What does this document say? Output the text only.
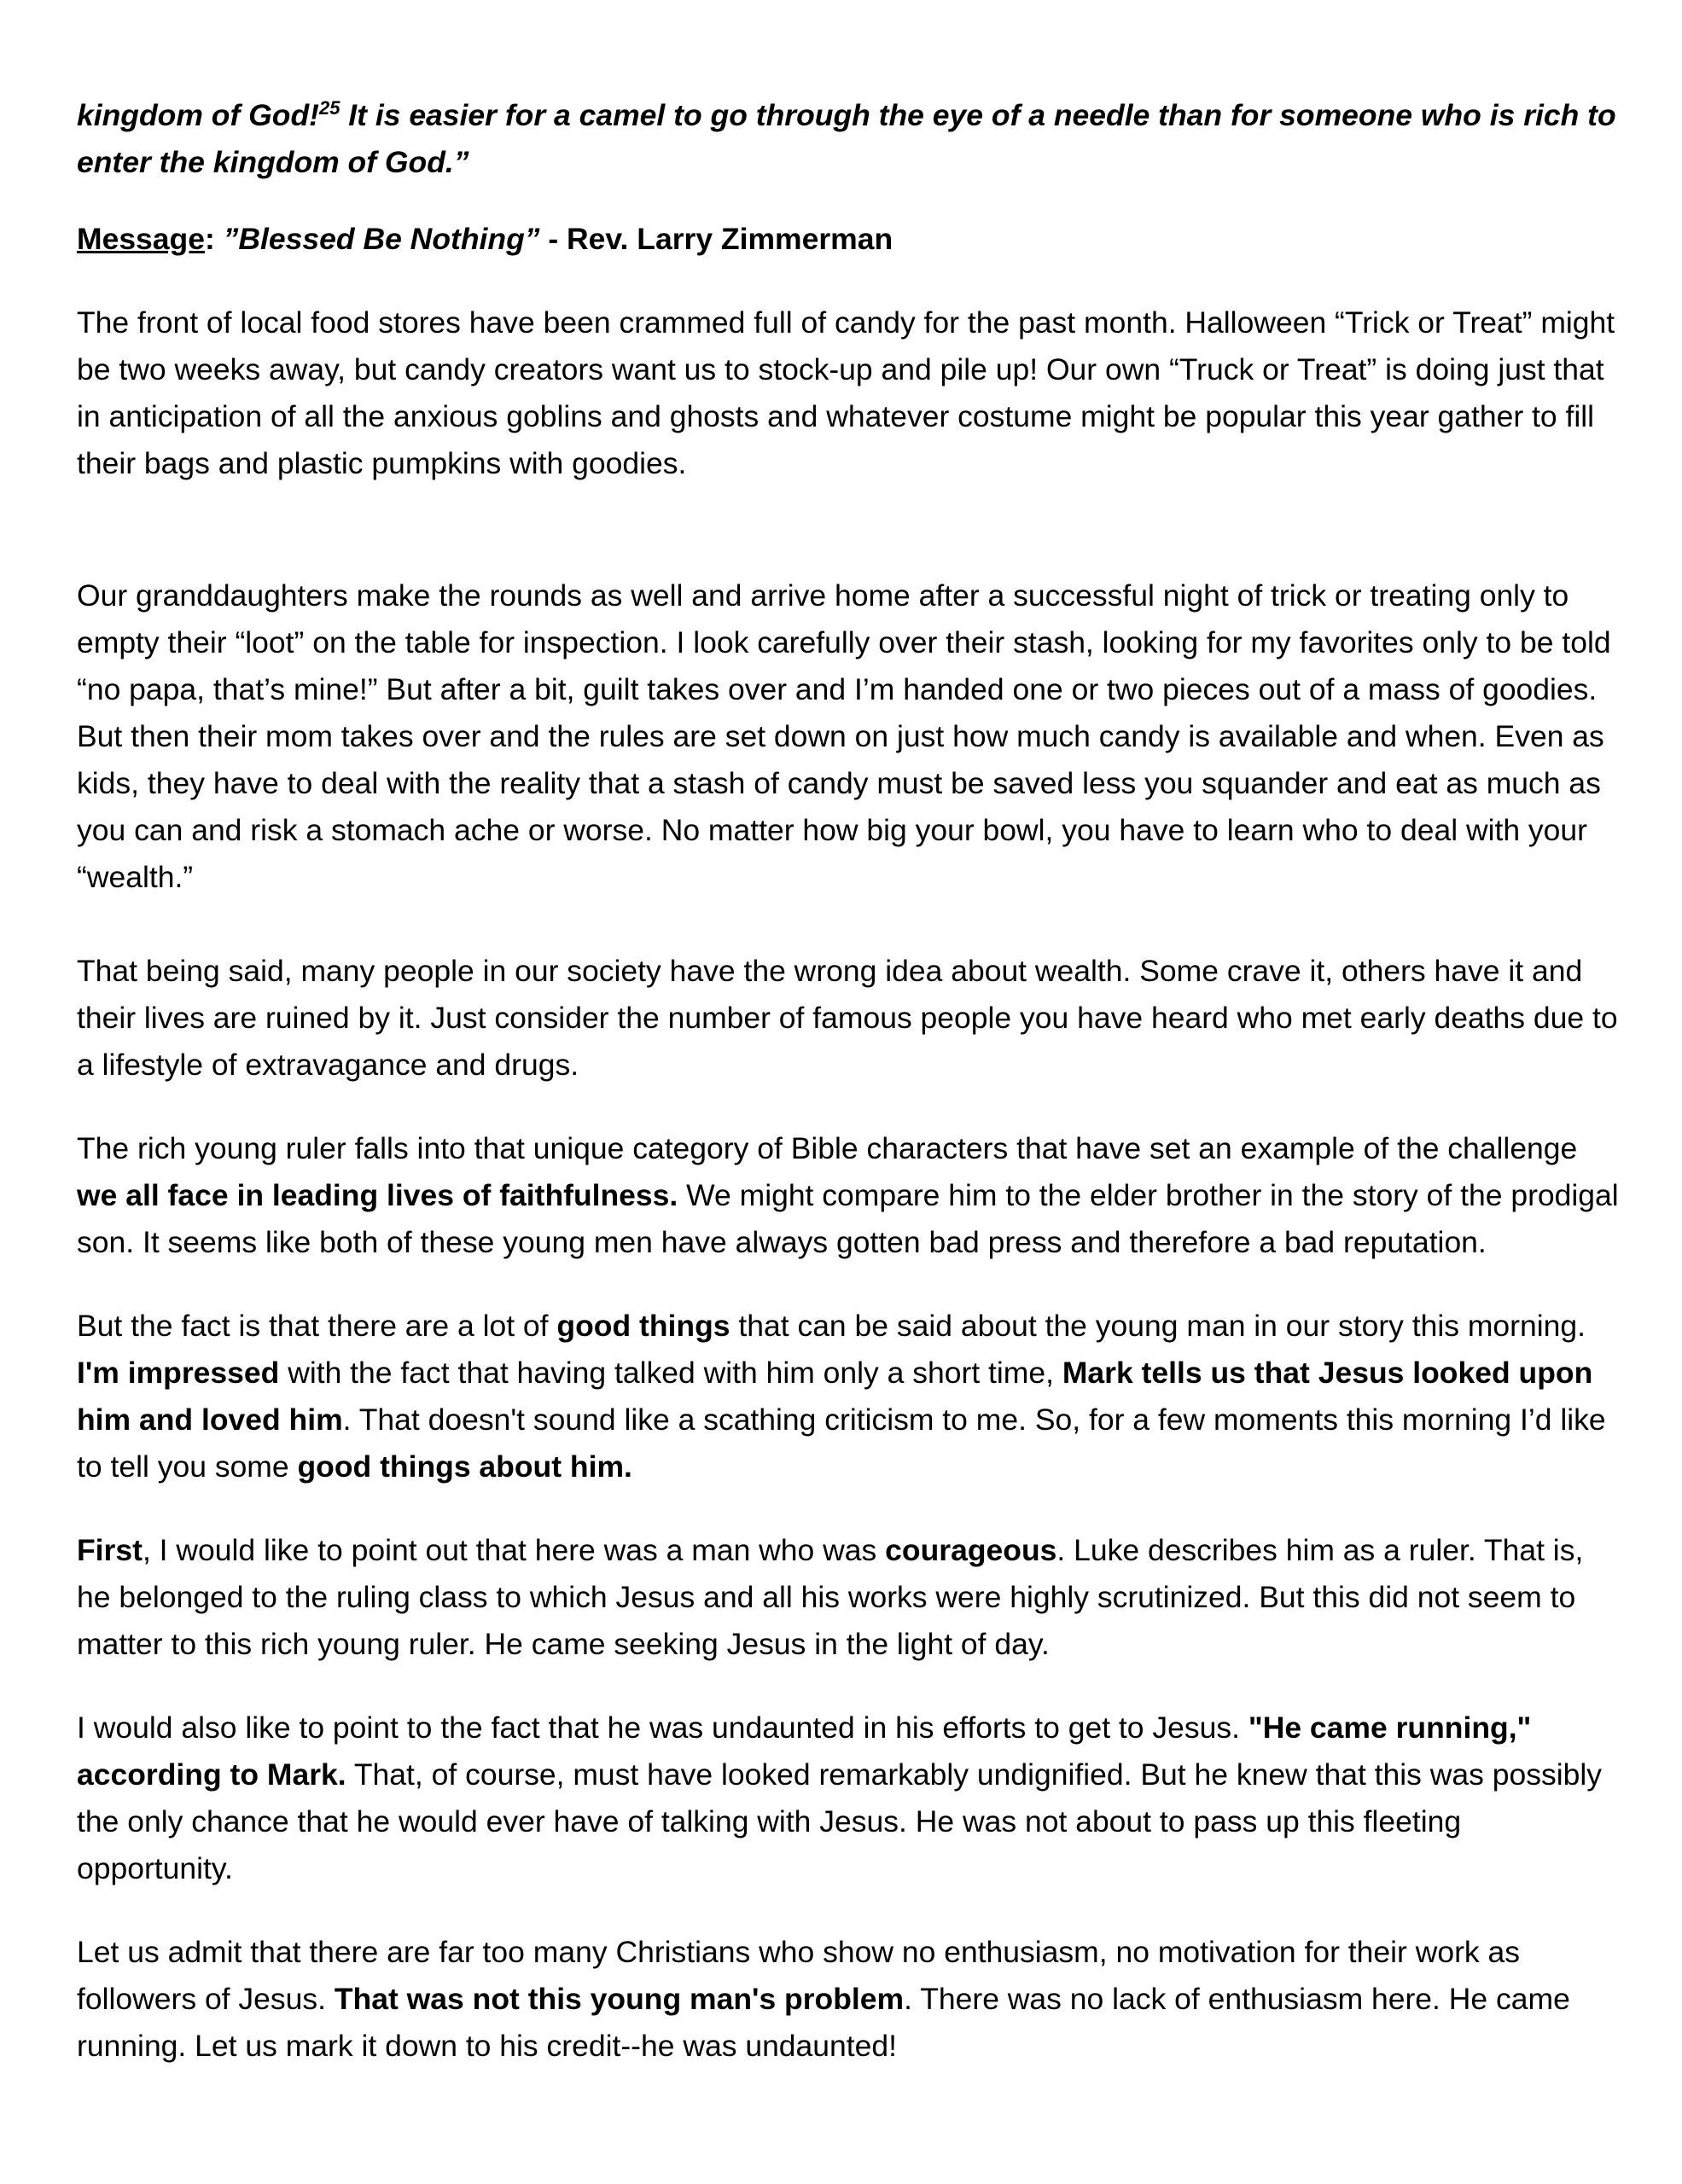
kingdom of God!$^{25}$ It is easier for a camel to go through the eye of a needle than for someone who is rich to enter the kingdom of God.”

Message: ”Blessed Be Nothing” - Rev. Larry Zimmerman

The front of local food stores have been crammed full of candy for the past month. Halloween “Trick or Treat” might be two weeks away, but candy creators want us to stock-up and pile up! Our own “Truck or Treat” is doing just that in anticipation of all the anxious goblins and ghosts and whatever costume might be popular this year gather to fill their bags and plastic pumpkins with goodies.

Our granddaughters make the rounds as well and arrive home after a successful night of trick or treating only to empty their “loot” on the table for inspection. I look carefully over their stash, looking for my favorites only to be told “no papa, that’s mine!” But after a bit, guilt takes over and I’m handed one or two pieces out of a mass of goodies. But then their mom takes over and the rules are set down on just how much candy is available and when. Even as kids, they have to deal with the reality that a stash of candy must be saved less you squander and eat as much as you can and risk a stomach ache or worse. No matter how big your bowl, you have to learn who to deal with your “wealth.”

That being said, many people in our society have the wrong idea about wealth. Some crave it, others have it and their lives are ruined by it. Just consider the number of famous people you have heard who met early deaths due to a lifestyle of extravagance and drugs.

The rich young ruler falls into that unique category of Bible characters that have set an example of the challenge we all face in leading lives of faithfulness. We might compare him to the elder brother in the story of the prodigal son. It seems like both of these young men have always gotten bad press and therefore a bad reputation.

But the fact is that there are a lot of good things that can be said about the young man in our story this morning. I'm impressed with the fact that having talked with him only a short time, Mark tells us that Jesus looked upon him and loved him. That doesn't sound like a scathing criticism to me. So, for a few moments this morning I’d like to tell you some good things about him.

First, I would like to point out that here was a man who was courageous. Luke describes him as a ruler. That is, he belonged to the ruling class to which Jesus and all his works were highly scrutinized. But this did not seem to matter to this rich young ruler. He came seeking Jesus in the light of day.

I would also like to point to the fact that he was undaunted in his efforts to get to Jesus. "He came running," according to Mark. That, of course, must have looked remarkably undignified. But he knew that this was possibly the only chance that he would ever have of talking with Jesus. He was not about to pass up this fleeting opportunity.

Let us admit that there are far too many Christians who show no enthusiasm, no motivation for their work as followers of Jesus. That was not this young man's problem. There was no lack of enthusiasm here. He came running. Let us mark it down to his credit--he was undaunted!
